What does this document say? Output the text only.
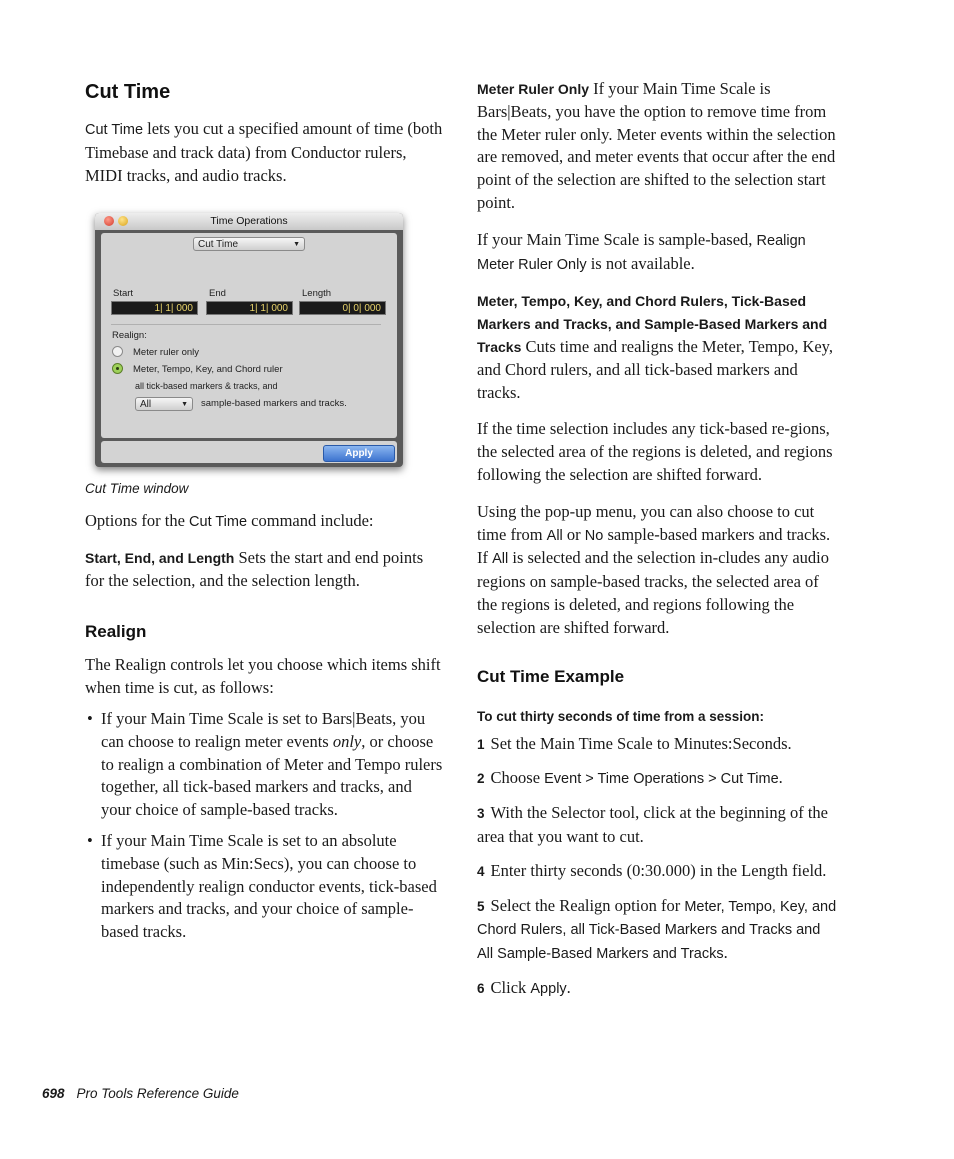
Cut Time

Cut Time lets you cut a specified amount of time (both Timebase and track data) from Conductor rulers, MIDI tracks, and audio tracks.

Time Operations
Cut Time	▼
Start	End	Length
1| 1| 000	1| 1| 000	0| 0| 000
Realign:
Meter ruler only
Meter, Tempo, Key, and Chord ruler
all tick-based markers & tracks, and
All	▼ sample-based markers and tracks.
Apply

Cut Time window

Options for the Cut Time command include:

Start, End, and Length Sets the start and end points for the selection, and the selection length.

Realign

The Realign controls let you choose which items shift when time is cut, as follows:

• If your Main Time Scale is set to Bars|Beats, you can choose to realign meter events only, or choose to realign a combination of Meter and Tempo rulers together, all tick-based markers and tracks, and your choice of sample-based tracks.
• If your Main Time Scale is set to an absolute timebase (such as Min:Secs), you can choose to independently realign conductor events, tick-based markers and tracks, and your choice of sample-based tracks.

Meter Ruler Only If your Main Time Scale is Bars|Beats, you have the option to remove time from the Meter ruler only. Meter events within the selection are removed, and meter events that occur after the end point of the selection are shifted to the selection start point.

If your Main Time Scale is sample-based, Realign Meter Ruler Only is not available.

Meter, Tempo, Key, and Chord Rulers, Tick-Based Markers and Tracks, and Sample-Based Markers and Tracks Cuts time and realigns the Meter, Tempo, Key, and Chord rulers, and all tick-based markers and tracks.

If the time selection includes any tick-based re-gions, the selected area of the regions is deleted, and regions following the selection are shifted forward.

Using the pop-up menu, you can also choose to cut time from All or No sample-based markers and tracks. If All is selected and the selection in-cludes any audio regions on sample-based tracks, the selected area of the regions is deleted, and regions following the selection are shifted forward.

Cut Time Example

To cut thirty seconds of time from a session:

1 Set the Main Time Scale to Minutes:Seconds.

2 Choose Event > Time Operations > Cut Time.

3 With the Selector tool, click at the beginning of the area that you want to cut.

4 Enter thirty seconds (0:30.000) in the Length field.

5 Select the Realign option for Meter, Tempo, Key, and Chord Rulers, all Tick-Based Markers and Tracks and All Sample-Based Markers and Tracks.

6 Click Apply.

698 Pro Tools Reference Guide
